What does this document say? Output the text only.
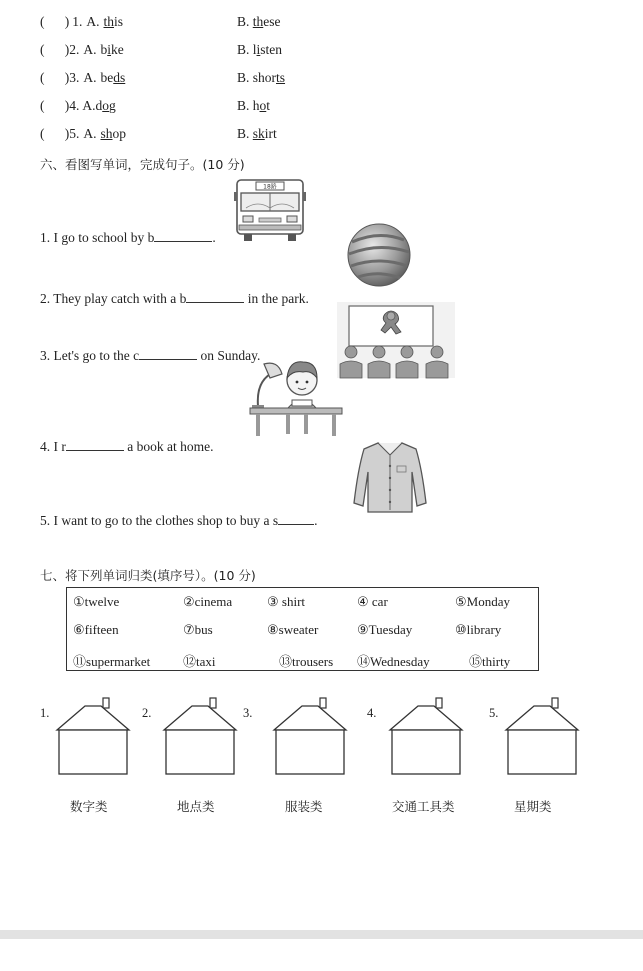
(      ) 1. A. this	B. these
(      )2. A. bike	B. listen
(      )3. A. beds	B. shorts
(      )4. A.dog	B. hot
(      )5. A. shop	B. skirt
六、看图写单词，完成句子。(10 分)
1. I go to school by b	.
2. They play catch with a b	in the park.
3. Let's go to the c	on Sunday.
4. I r	a book at home.
5. I want to go to the clothes shop to buy a s	.
18路
七、将下列单词归类(填序号）。(10 分)
①twelve	②cinema	③ shirt	④ car	⑤Monday
⑥fifteen	⑦bus	⑧sweater	⑨Tuesday	⑩library
⑪supermarket	⑫taxi	⑬trousers ⑭Wednesday	⑮thirty
1.
数字类
2.
地点类
3.
服装类
4.
交通工具类
5.
星期类
